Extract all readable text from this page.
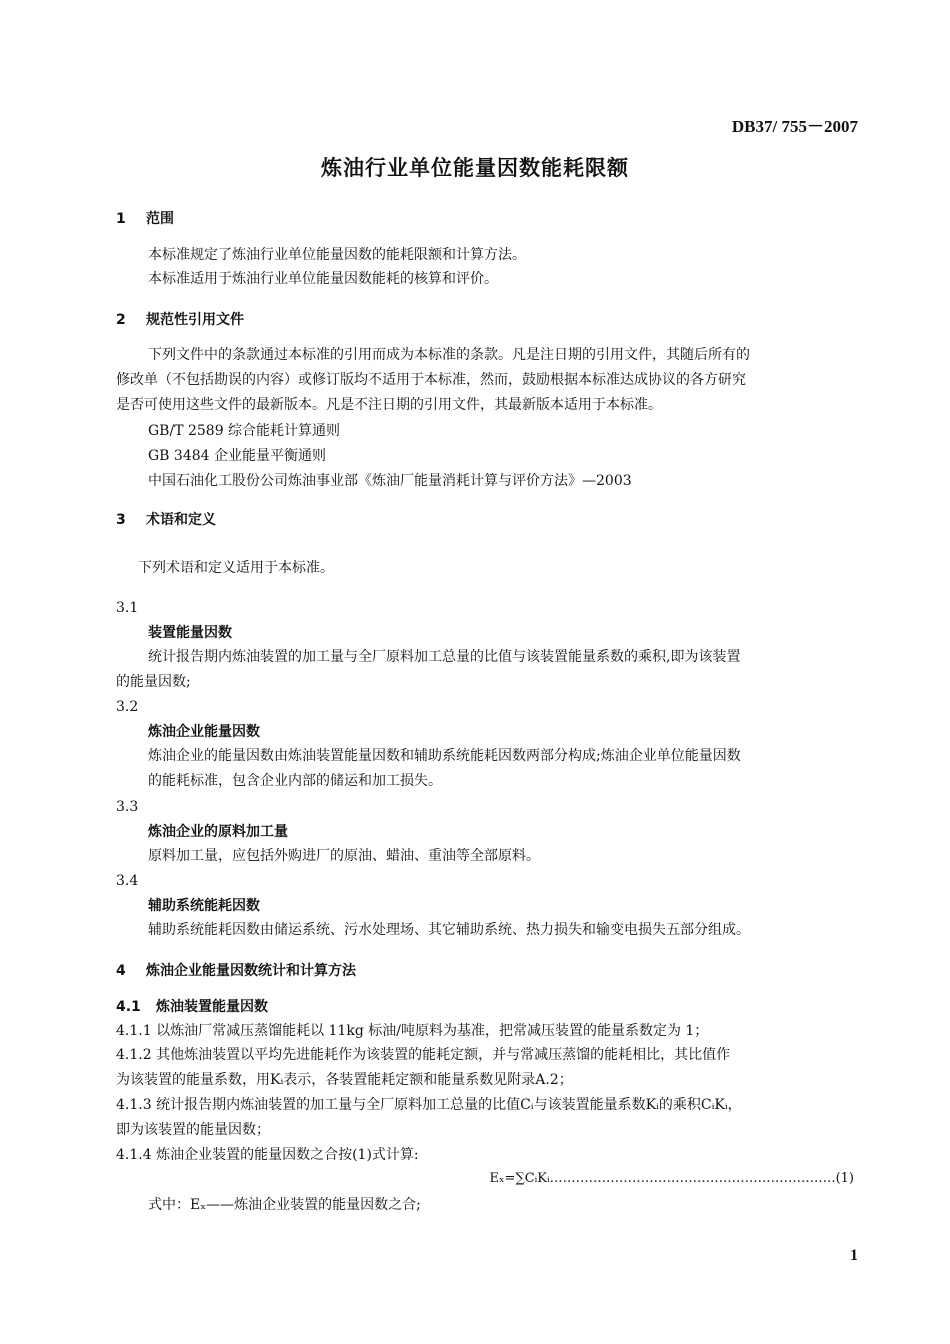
DB37/ 755－2007
炼油行业单位能量因数能耗限额
1 范围
本标准规定了炼油行业单位能量因数的能耗限额和计算方法。
本标准适用于炼油行业单位能量因数能耗的核算和评价。
2 规范性引用文件
下列文件中的条款通过本标准的引用而成为本标准的条款。凡是注日期的引用文件，其随后所有的
修改单（不包括勘误的内容）或修订版均不适用于本标准，然而，鼓励根据本标准达成协议的各方研究
是否可使用这些文件的最新版本。凡是不注日期的引用文件，其最新版本适用于本标准。
GB/T 2589 综合能耗计算通则
GB 3484 企业能量平衡通则
中国石油化工股份公司炼油事业部《炼油厂能量消耗计算与评价方法》—2003
3 术语和定义
下列术语和定义适用于本标准。
3.1
装置能量因数
统计报告期内炼油装置的加工量与全厂原料加工总量的比值与该装置能量系数的乘积,即为该装置
的能量因数;
3.2
炼油企业能量因数
炼油企业的能量因数由炼油装置能量因数和辅助系统能耗因数两部分构成;炼油企业单位能量因数
的能耗标准，包含企业内部的储运和加工损失。
3.3
炼油企业的原料加工量
原料加工量，应包括外购进厂的原油、蜡油、重油等全部原料。
3.4
辅助系统能耗因数
辅助系统能耗因数由储运系统、污水处理场、其它辅助系统、热力损失和输变电损失五部分组成。
4 炼油企业能量因数统计和计算方法
4.1 炼油装置能量因数
4.1.1 以炼油厂常减压蒸馏能耗以 11kg 标油/吨原料为基准，把常减压装置的能量系数定为 1；
4.1.2 其他炼油装置以平均先进能耗作为该装置的能耗定额，并与常减压蒸馏的能耗相比，其比值作
为该装置的能量系数，用Kᵢ表示，各装置能耗定额和能量系数见附录A.2；
4.1.3 统计报告期内炼油装置的加工量与全厂原料加工总量的比值Cᵢ与该装置能量系数Kᵢ的乘积CᵢKᵢ，
即为该装置的能量因数；
4.1.4 炼油企业装置的能量因数之合按(1)式计算:
Eₓ=∑CᵢKᵢ…………………………………………………………(1)
式中：Eₓ——炼油企业装置的能量因数之合;
1
